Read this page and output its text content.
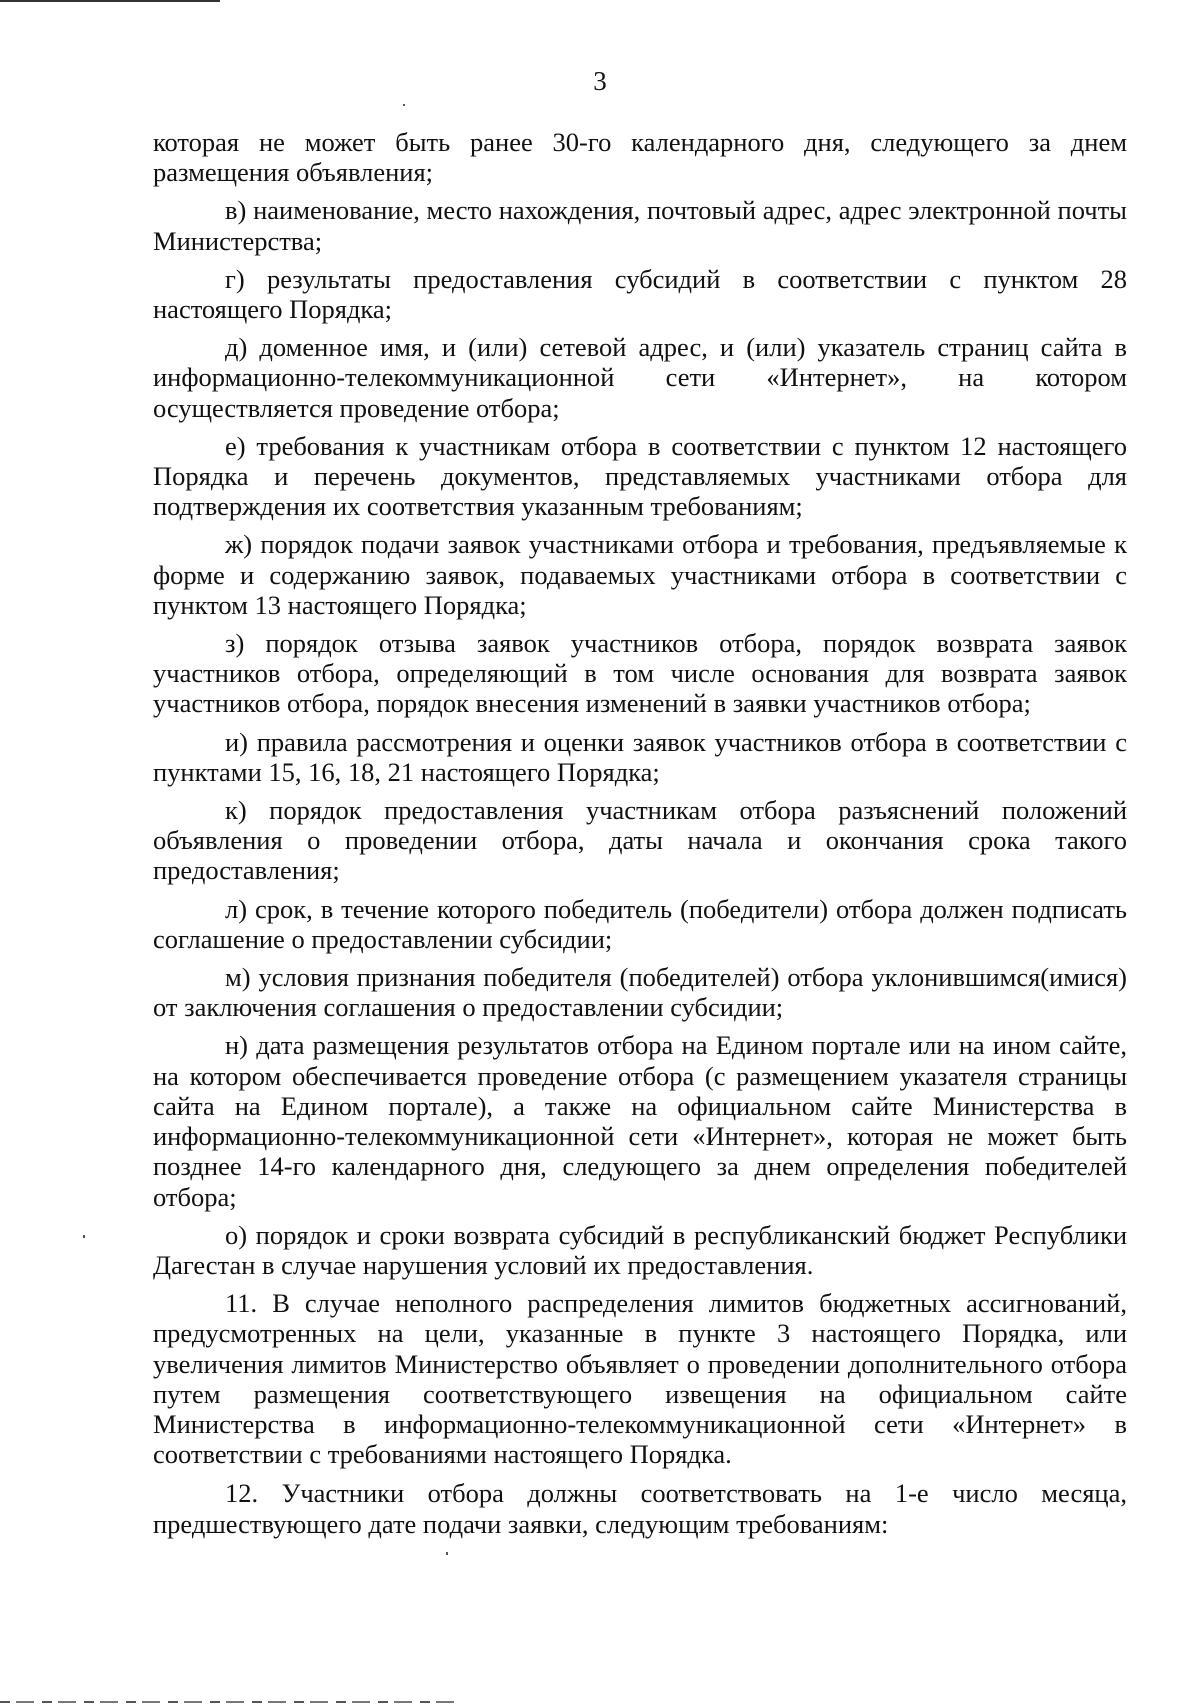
3

которая не может быть ранее 30-го календарного дня, следующего за днем размещения объявления;

в) наименование, место нахождения, почтовый адрес, адрес электронной почты Министерства;

г) результаты предоставления субсидий в соответствии с пунктом 28 настоящего Порядка;

д) доменное имя, и (или) сетевой адрес, и (или) указатель страниц сайта в информационно-телекоммуникационной сети «Интернет», на котором осуществляется проведение отбора;

е) требования к участникам отбора в соответствии с пунктом 12 настоящего Порядка и перечень документов, представляемых участниками отбора для подтверждения их соответствия указанным требованиям;

ж) порядок подачи заявок участниками отбора и требования, предъявляемые к форме и содержанию заявок, подаваемых участниками отбора в соответствии с пунктом 13 настоящего Порядка;

з) порядок отзыва заявок участников отбора, порядок возврата заявок участников отбора, определяющий в том числе основания для возврата заявок участников отбора, порядок внесения изменений в заявки участников отбора;

и) правила рассмотрения и оценки заявок участников отбора в соответствии с пунктами 15, 16, 18, 21 настоящего Порядка;

к) порядок предоставления участникам отбора разъяснений положений объявления о проведении отбора, даты начала и окончания срока такого предоставления;

л) срок, в течение которого победитель (победители) отбора должен подписать соглашение о предоставлении субсидии;

м) условия признания победителя (победителей) отбора уклонившимся(имися) от заключения соглашения о предоставлении субсидии;

н) дата размещения результатов отбора на Едином портале или на ином сайте, на котором обеспечивается проведение отбора (с размещением указателя страницы сайта на Едином портале), а также на официальном сайте Министерства в информационно-телекоммуникационной сети «Интернет», которая не может быть позднее 14-го календарного дня, следующего за днем определения победителей отбора;

о) порядок и сроки возврата субсидий в республиканский бюджет Республики Дагестан в случае нарушения условий их предоставления.

11. В случае неполного распределения лимитов бюджетных ассигнований, предусмотренных на цели, указанные в пункте 3 настоящего Порядка, или увеличения лимитов Министерство объявляет о проведении дополнительного отбора путем размещения соответствующего извещения на официальном сайте Министерства в информационно-телекоммуникационной сети «Интернет» в соответствии с требованиями настоящего Порядка.

12. Участники отбора должны соответствовать на 1-е число месяца, предшествующего дате подачи заявки, следующим требованиям:
